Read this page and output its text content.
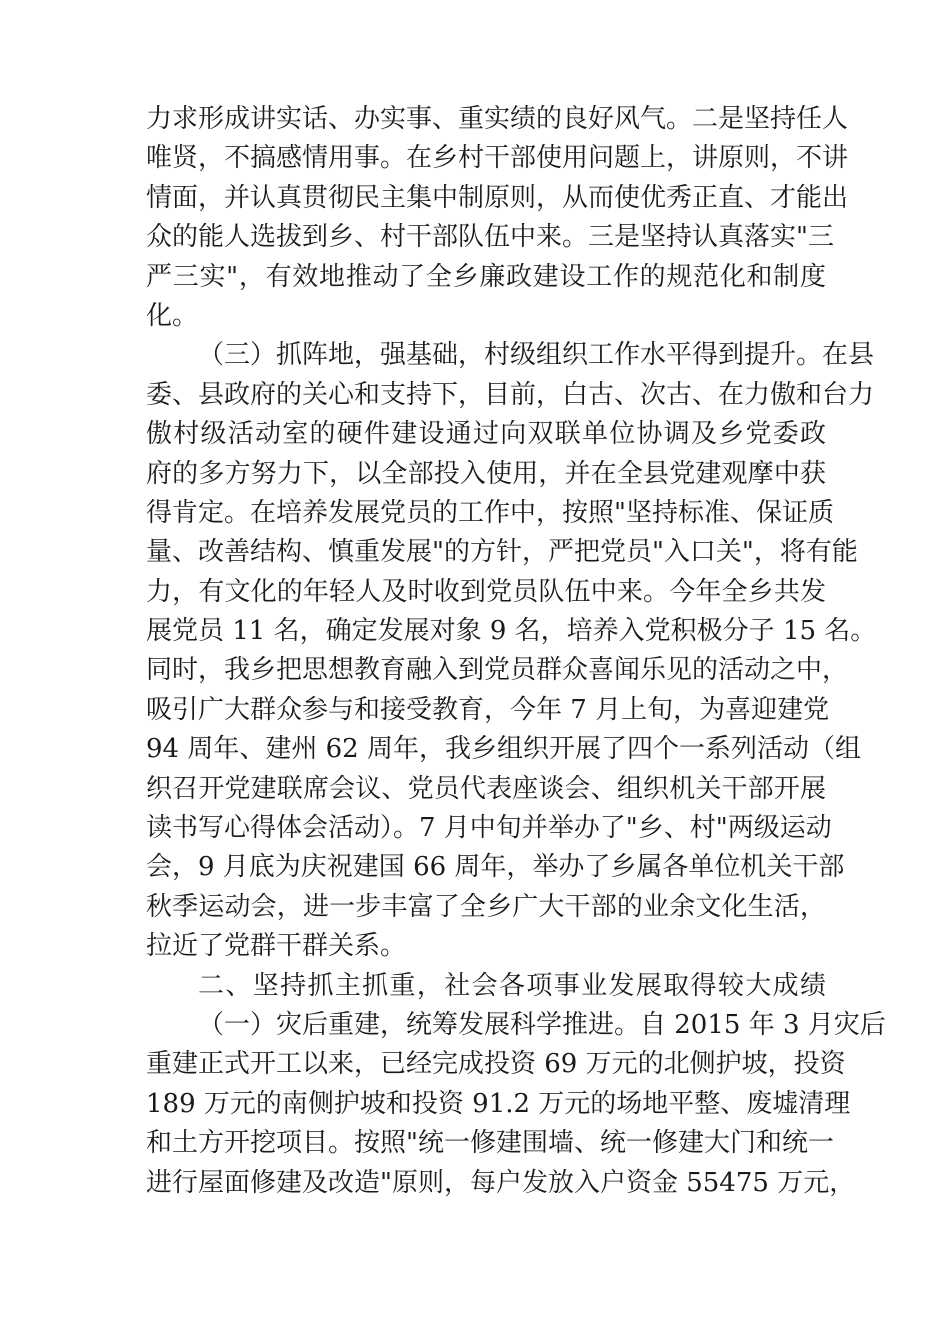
力求形成讲实话、办实事、重实绩的良好风气。二是坚持任人
唯贤，不搞感情用事。在乡村干部使用问题上，讲原则，不讲
情面，并认真贯彻民主集中制原则，从而使优秀正直、才能出
众的能人选拔到乡、村干部队伍中来。三是坚持认真落实"三
严三实"，有效地推动了全乡廉政建设工作的规范化和制度
化。
（三）抓阵地，强基础，村级组织工作水平得到提升。在县
委、县政府的关心和支持下，目前，白古、次古、在力傲和台力
傲村级活动室的硬件建设通过向双联单位协调及乡党委政
府的多方努力下，以全部投入使用，并在全县党建观摩中获
得肯定。在培养发展党员的工作中，按照"坚持标准、保证质
量、改善结构、慎重发展"的方针，严把党员"入口关"，将有能
力，有文化的年轻人及时收到党员队伍中来。今年全乡共发
展党员 11 名，确定发展对象 9 名，培养入党积极分子 15 名。
同时，我乡把思想教育融入到党员群众喜闻乐见的活动之中，
吸引广大群众参与和接受教育，今年 7 月上旬，为喜迎建党
94 周年、建州 62 周年，我乡组织开展了四个一系列活动（组
织召开党建联席会议、党员代表座谈会、组织机关干部开展
读书写心得体会活动）。7 月中旬并举办了"乡、村"两级运动
会，9 月底为庆祝建国 66 周年，举办了乡属各单位机关干部
秋季运动会，进一步丰富了全乡广大干部的业余文化生活，
拉近了党群干群关系。
二、坚持抓主抓重，社会各项事业发展取得较大成绩
（一）灾后重建，统筹发展科学推进。自 2015 年 3 月灾后
重建正式开工以来，已经完成投资 69 万元的北侧护坡，投资
189 万元的南侧护坡和投资 91.2 万元的场地平整、废墟清理
和土方开挖项目。按照"统一修建围墙、统一修建大门和统一
进行屋面修建及改造"原则，每户发放入户资金 55475 万元，
